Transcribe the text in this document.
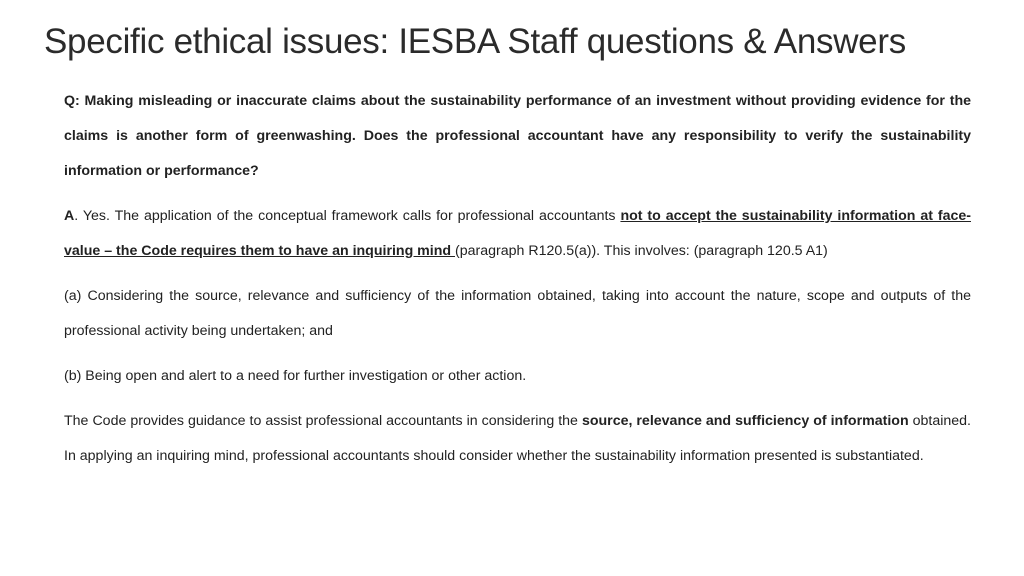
Specific ethical issues: IESBA Staff questions & Answers

Q: Making misleading or inaccurate claims about the sustainability performance of an investment without providing evidence for the claims is another form of greenwashing. Does the professional accountant have any responsibility to verify the sustainability information or performance?

A. Yes. The application of the conceptual framework calls for professional accountants not to accept the sustainability information at face-value – the Code requires them to have an inquiring mind (paragraph R120.5(a)). This involves: (paragraph 120.5 A1)

(a) Considering the source, relevance and sufficiency of the information obtained, taking into account the nature, scope and outputs of the professional activity being undertaken; and

(b) Being open and alert to a need for further investigation or other action.

The Code provides guidance to assist professional accountants in considering the source, relevance and sufficiency of information obtained. In applying an inquiring mind, professional accountants should consider whether the sustainability information presented is substantiated.
